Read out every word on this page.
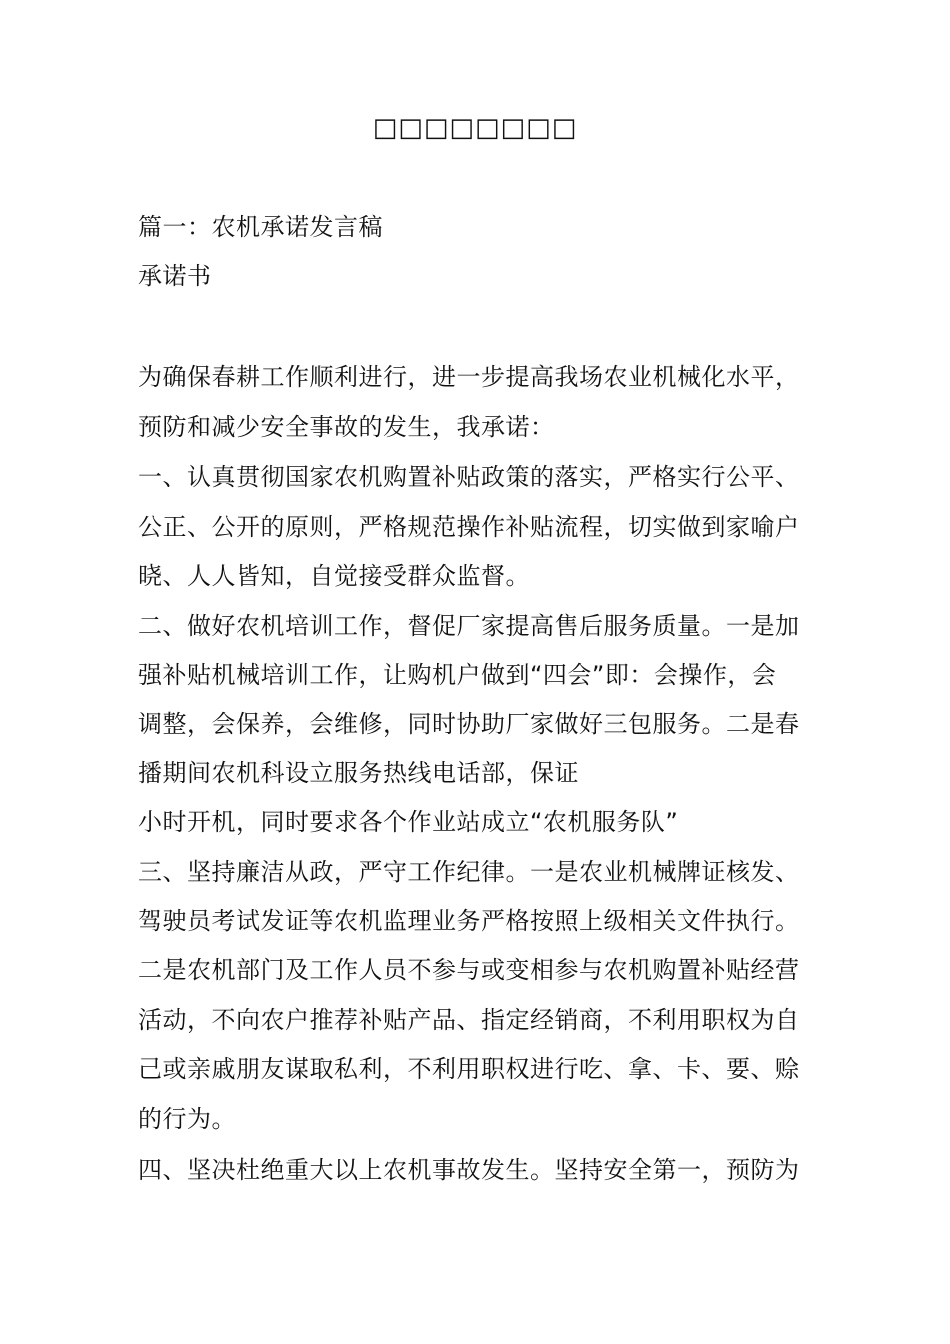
□□□□□□□□
篇一：农机承诺发言稿
承诺书
为确保春耕工作顺利进行，进一步提高我场农业机械化水平，
预防和减少安全事故的发生，我承诺：
一、认真贯彻国家农机购置补贴政策的落实，严格实行公平、
公正、公开的原则，严格规范操作补贴流程，切实做到家喻户
晓、人人皆知，自觉接受群众监督。
二、做好农机培训工作，督促厂家提高售后服务质量。一是加
强补贴机械培训工作，让购机户做到“四会”即：会操作，会
调整，会保养，会维修，同时协助厂家做好三包服务。二是春
播期间农机科设立服务热线电话部，保证
小时开机，同时要求各个作业站成立“农机服务队”
三、坚持廉洁从政，严守工作纪律。一是农业机械牌证核发、
驾驶员考试发证等农机监理业务严格按照上级相关文件执行。
二是农机部门及工作人员不参与或变相参与农机购置补贴经营
活动，不向农户推荐补贴产品、指定经销商，不利用职权为自
己或亲戚朋友谋取私利，不利用职权进行吃、拿、卡、要、赊
的行为。
四、坚决杜绝重大以上农机事故发生。坚持安全第一，预防为
